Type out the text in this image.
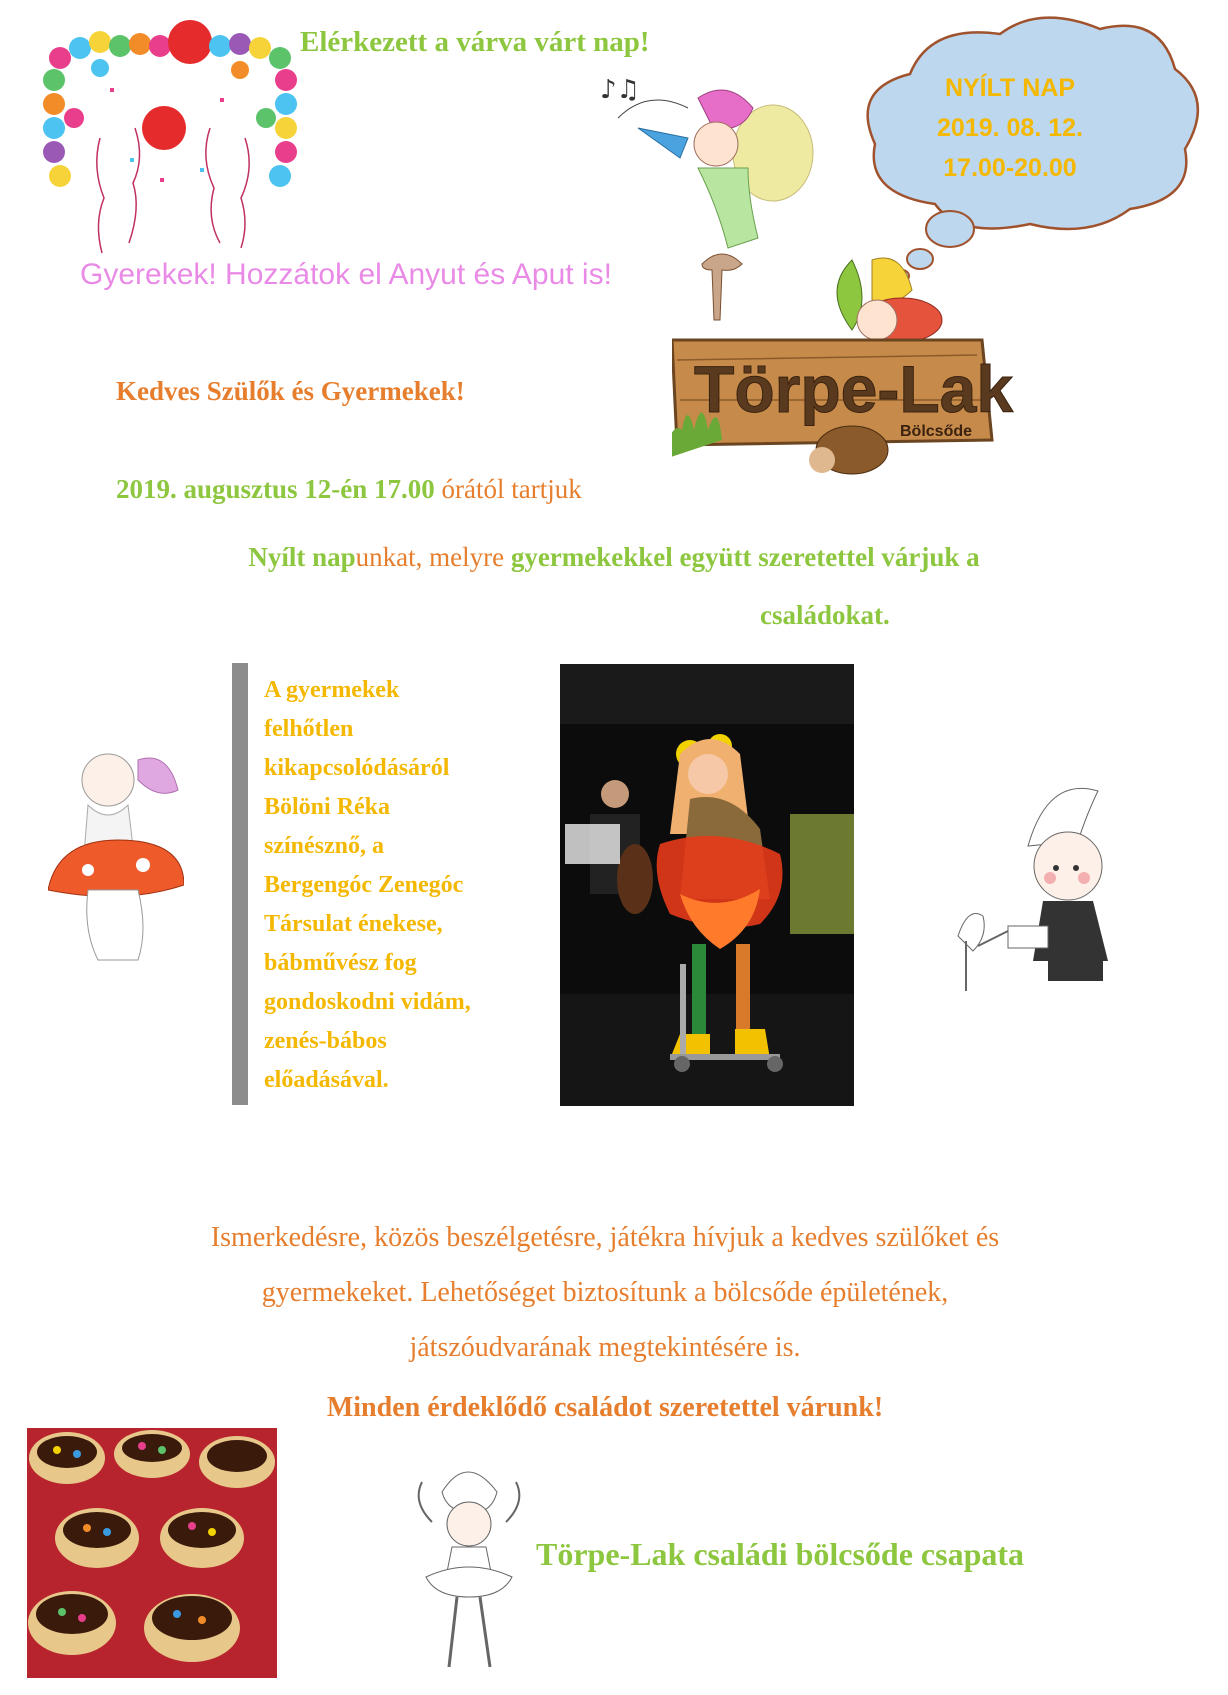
Elérkezett a várva várt nap!
♪♫	NYÍLT NAP
2019. 08. 12.
17.00-20.00
Gyerekek! Hozzátok el Anyut és Aput is!
Törpe-Lak
Bölcsőde
Kedves Szülők és Gyermekek!
2019. augusztus 12-én 17.00 órától tartjuk
Nyílt napunkat, melyre gyermekekkel együtt szeretettel várjuk a
családokat.
A gyermekek
felhőtlen
kikapcsolódásáról
Bölöni Réka
színésznő, a
Bergengóc Zenegóc
Társulat énekese,
bábművész fog
gondoskodni vidám,
zenés-bábos
előadásával.
Ismerkedésre, közös beszélgetésre, játékra hívjuk a kedves szülőket és
gyermekeket. Lehetőséget biztosítunk a bölcsőde épületének,
játszóudvarának megtekintésére is.
Minden érdeklődő családot szeretettel várunk!
Törpe-Lak családi bölcsőde csapata
